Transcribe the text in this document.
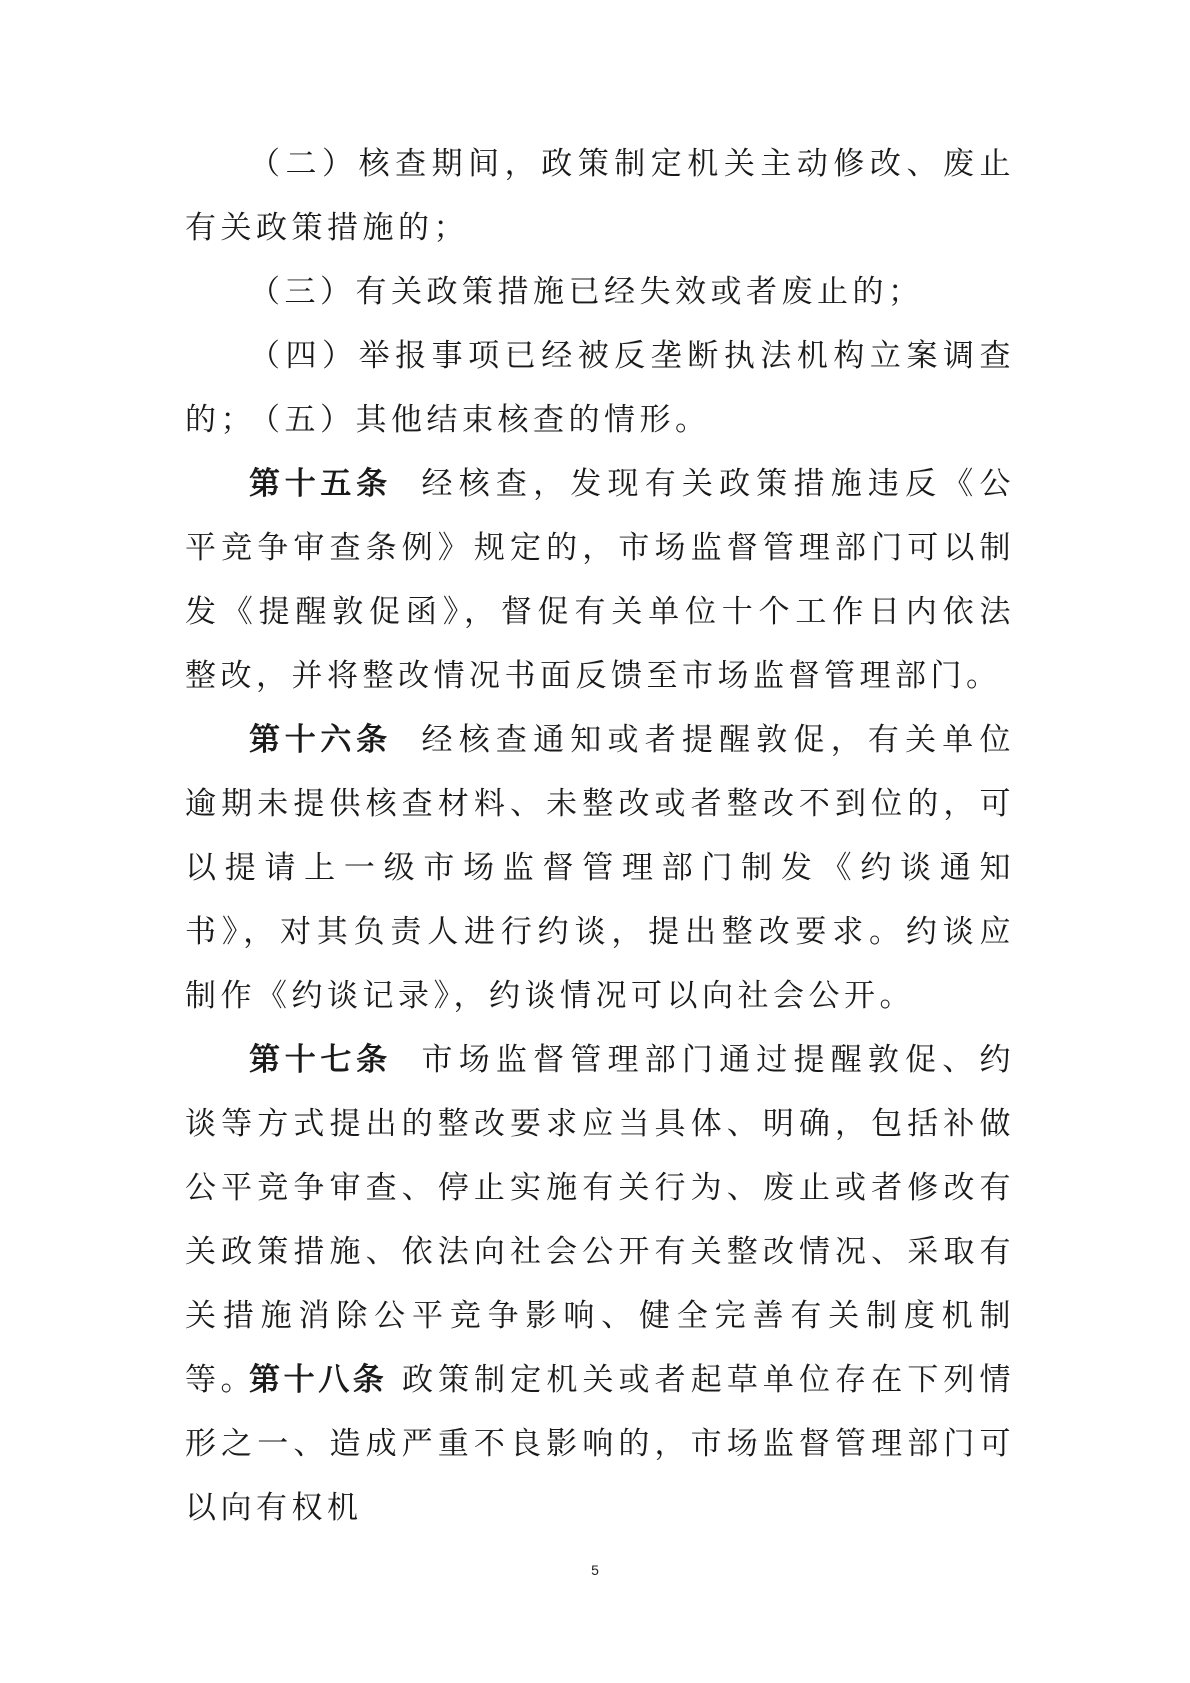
（二）核查期间，政策制定机关主动修改、废止有关政策措施的；

（三）有关政策措施已经失效或者废止的；

（四）举报事项已经被反垄断执法机构立案调查的；

（五）其他结束核查的情形。

第十五条 经核查，发现有关政策措施违反《公平竞争审查条例》规定的，市场监督管理部门可以制发《提醒敦促函》，督促有关单位十个工作日内依法整改，并将整改情况书面反馈至市场监督管理部门。

第十六条 经核查通知或者提醒敦促，有关单位逾期未提供核查材料、未整改或者整改不到位的，可以提请上一级市场监督管理部门制发《约谈通知书》，对其负责人进行约谈，提出整改要求。约谈应制作《约谈记录》，约谈情况可以向社会公开。

第十七条 市场监督管理部门通过提醒敦促、约谈等方式提出的整改要求应当具体、明确，包括补做公平竞争审查、停止实施有关行为、废止或者修改有关政策措施、依法向社会公开有关整改情况、采取有关措施消除公平竞争影响、健全完善有关制度机制等。

第十八条 政策制定机关或者起草单位存在下列情形之一、造成严重不良影响的，市场监督管理部门可以向有权机

5
